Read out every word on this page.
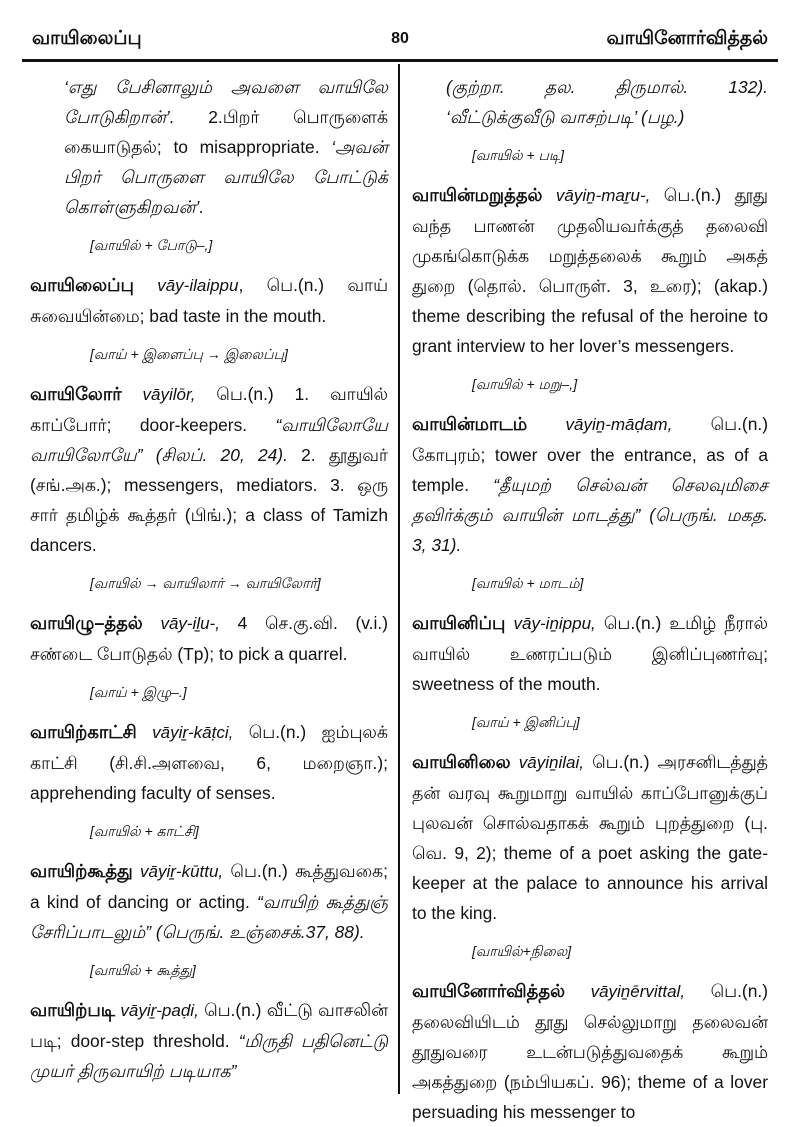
வாயிலைப்பு	80	வாயினோர்வித்தல்

‘எது பேசினாலும் அவளை வாயிலே போடுகிறான்’. 2.பிறர் பொருளைக் கையாடுதல்; to misappropriate. ‘அவன் பிறர் பொருளை வாயிலே போட்டுக் கொள்ளுகிறவன்’.

[வாயில் + போடு–,]

வாயிலைப்பு vāy-ilaippu, பெ.(n.) வாய் சுவையின்மை; bad taste in the mouth.

[வாய் + இளைப்பு → இலைப்பு]

வாயிலோர் vāyilōr, பெ.(n.) 1. வாயில் காப்போர்; door-keepers. “வாயிலோயே வாயிலோயே” (சிலப். 20, 24). 2. தூதுவர் (சங்.அக.); messengers, mediators. 3. ஒரு சார் தமிழ்க் கூத்தர் (பிங்.); a class of Tamizh dancers.

[வாயில் → வாயிலார் → வாயிலோர்]

வாயிழு–த்தல் vāy-iḻu-, 4 செ.கு.வி. (v.i.) சண்டை போடுதல் (Tp); to pick a quarrel.

[வாய் + இழு–.]

வாயிற்காட்சி vāyiṟ-kāṭci, பெ.(n.) ஐம்புலக் காட்சி (சி.சி.அளவை, 6, மறைஞா.); apprehending faculty of senses.

[வாயில் + காட்சி]

வாயிற்கூத்து vāyiṟ-kūttu, பெ.(n.) கூத்துவகை; a kind of dancing or acting. “வாயிற் கூத்துஞ் சேரிப்பாடலும்” (பெருங். உஞ்சைக்.37, 88).

[வாயில் + கூத்து]

வாயிற்படி vāyiṟ-paḍi, பெ.(n.) வீட்டு வாசலின் படி; door-step threshold. “மிருதி பதினெட்டு முயர் திருவாயிற் படியாக”

(குற்றா. தல. திருமால். 132). ‘வீட்டுக்குவீடு வாசற்படி’ (பழ.)

[வாயில் + படி]

வாயின்மறுத்தல் vāyiṉ-maṟu-, பெ.(n.) தூது வந்த பாணன் முதலியவர்க்குத் தலைவி முகங்கொடுக்க மறுத்தலைக் கூறும் அகத் துறை (தொல். பொருள். 3, உரை); (akap.) theme describing the refusal of the heroine to grant interview to her lover’s messengers.

[வாயில் + மறு–,]

வாயின்மாடம் vāyiṉ-māḍam, பெ.(n.) கோபுரம்; tower over the entrance, as of a temple. “தீயுமற் செல்வன் செலவுமிசை தவிர்க்கும் வாயின் மாடத்து” (பெருங். மகத. 3, 31).

[வாயில் + மாடம்]

வாயினிப்பு vāy-iṉippu, பெ.(n.) உமிழ் நீரால் வாயில் உணரப்படும் இனிப்புணர்வு; sweetness of the mouth.

[வாய் + இனிப்பு]

வாயினிலை vāyiṉilai, பெ.(n.) அரசனிடத்துத் தன் வரவு கூறுமாறு வாயில் காப்போனுக்குப் புலவன் சொல்வதாகக் கூறும் புறத்துறை (பு. வெ. 9, 2); theme of a poet asking the gate-keeper at the palace to announce his arrival to the king.

[வாயில்+நிலை]

வாயினோர்வித்தல் vāyiṉērvittal, பெ.(n.) தலைவியிடம் தூது செல்லுமாறு தலைவன் தூதுவரை உடன்படுத்துவதைக் கூறும் அகத்துறை (நம்பியகப். 96); theme of a lover persuading his messenger to
